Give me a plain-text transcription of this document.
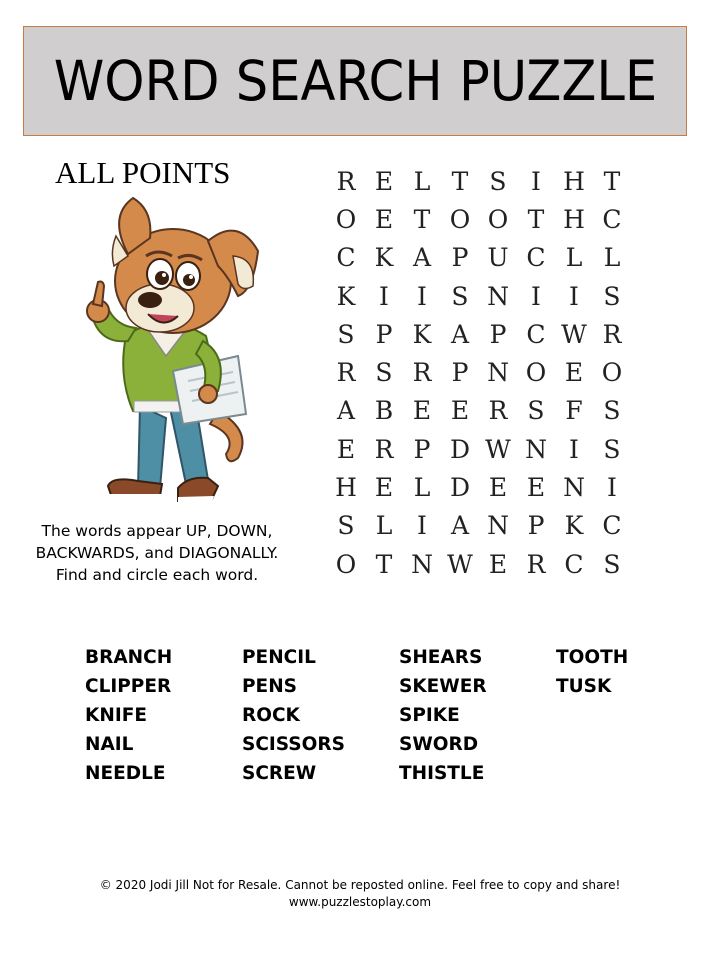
WORD SEARCH PUZZLE
ALL POINTS
The words appear UP, DOWN,
BACKWARDS, and DIAGONALLY.
Find and circle each word.
R E L T S I H T
O E T O O T H C
C K A P U C L L
K I	I S N I	I S
S P K A P C W R
R S R P N O E O
A B E E R S F S
E R P D W N I S
H E L D E E N I
S L I A N P K C
O T N W E R C S
BRANCH
CLIPPER
KNIFE
NAIL
NEEDLE
PENCIL
PENS
ROCK
SCISSORS
SCREW
SHEARS
SKEWER
SPIKE
SWORD
THISTLE
TOOTH
TUSK
© 2020 Jodi Jill Not for Resale. Cannot be reposted online. Feel free to copy and share!
www.puzzlestoplay.com
